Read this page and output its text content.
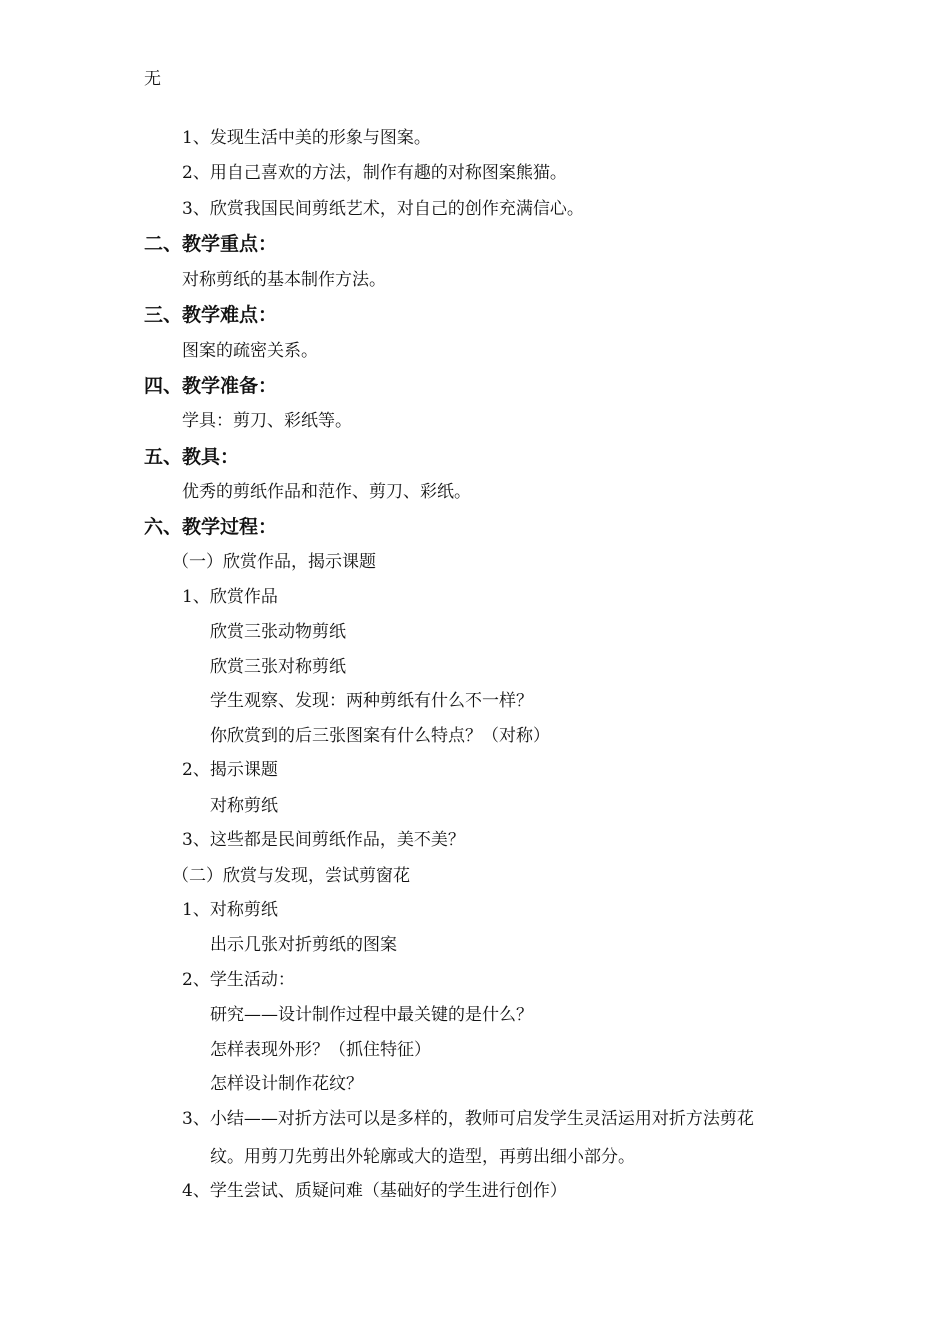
无
1、发现生活中美的形象与图案。
2、用自己喜欢的方法，制作有趣的对称图案熊猫。
3、欣赏我国民间剪纸艺术，对自己的创作充满信心。
二、教学重点：
对称剪纸的基本制作方法。
三、教学难点：
图案的疏密关系。
四、教学准备：
学具：剪刀、彩纸等。
五、教具：
优秀的剪纸作品和范作、剪刀、彩纸。
六、教学过程：
（一）欣赏作品，揭示课题
1、欣赏作品
欣赏三张动物剪纸
欣赏三张对称剪纸
学生观察、发现：两种剪纸有什么不一样？
你欣赏到的后三张图案有什么特点？（对称）
2、揭示课题
对称剪纸
3、这些都是民间剪纸作品，美不美？
（二）欣赏与发现，尝试剪窗花
1、对称剪纸
出示几张对折剪纸的图案
2、学生活动：
研究——设计制作过程中最关键的是什么？
怎样表现外形？（抓住特征）
怎样设计制作花纹？
3、小结——对折方法可以是多样的，教师可启发学生灵活运用对折方法剪花
纹。用剪刀先剪出外轮廓或大的造型，再剪出细小部分。
4、学生尝试、质疑问难（基础好的学生进行创作）
